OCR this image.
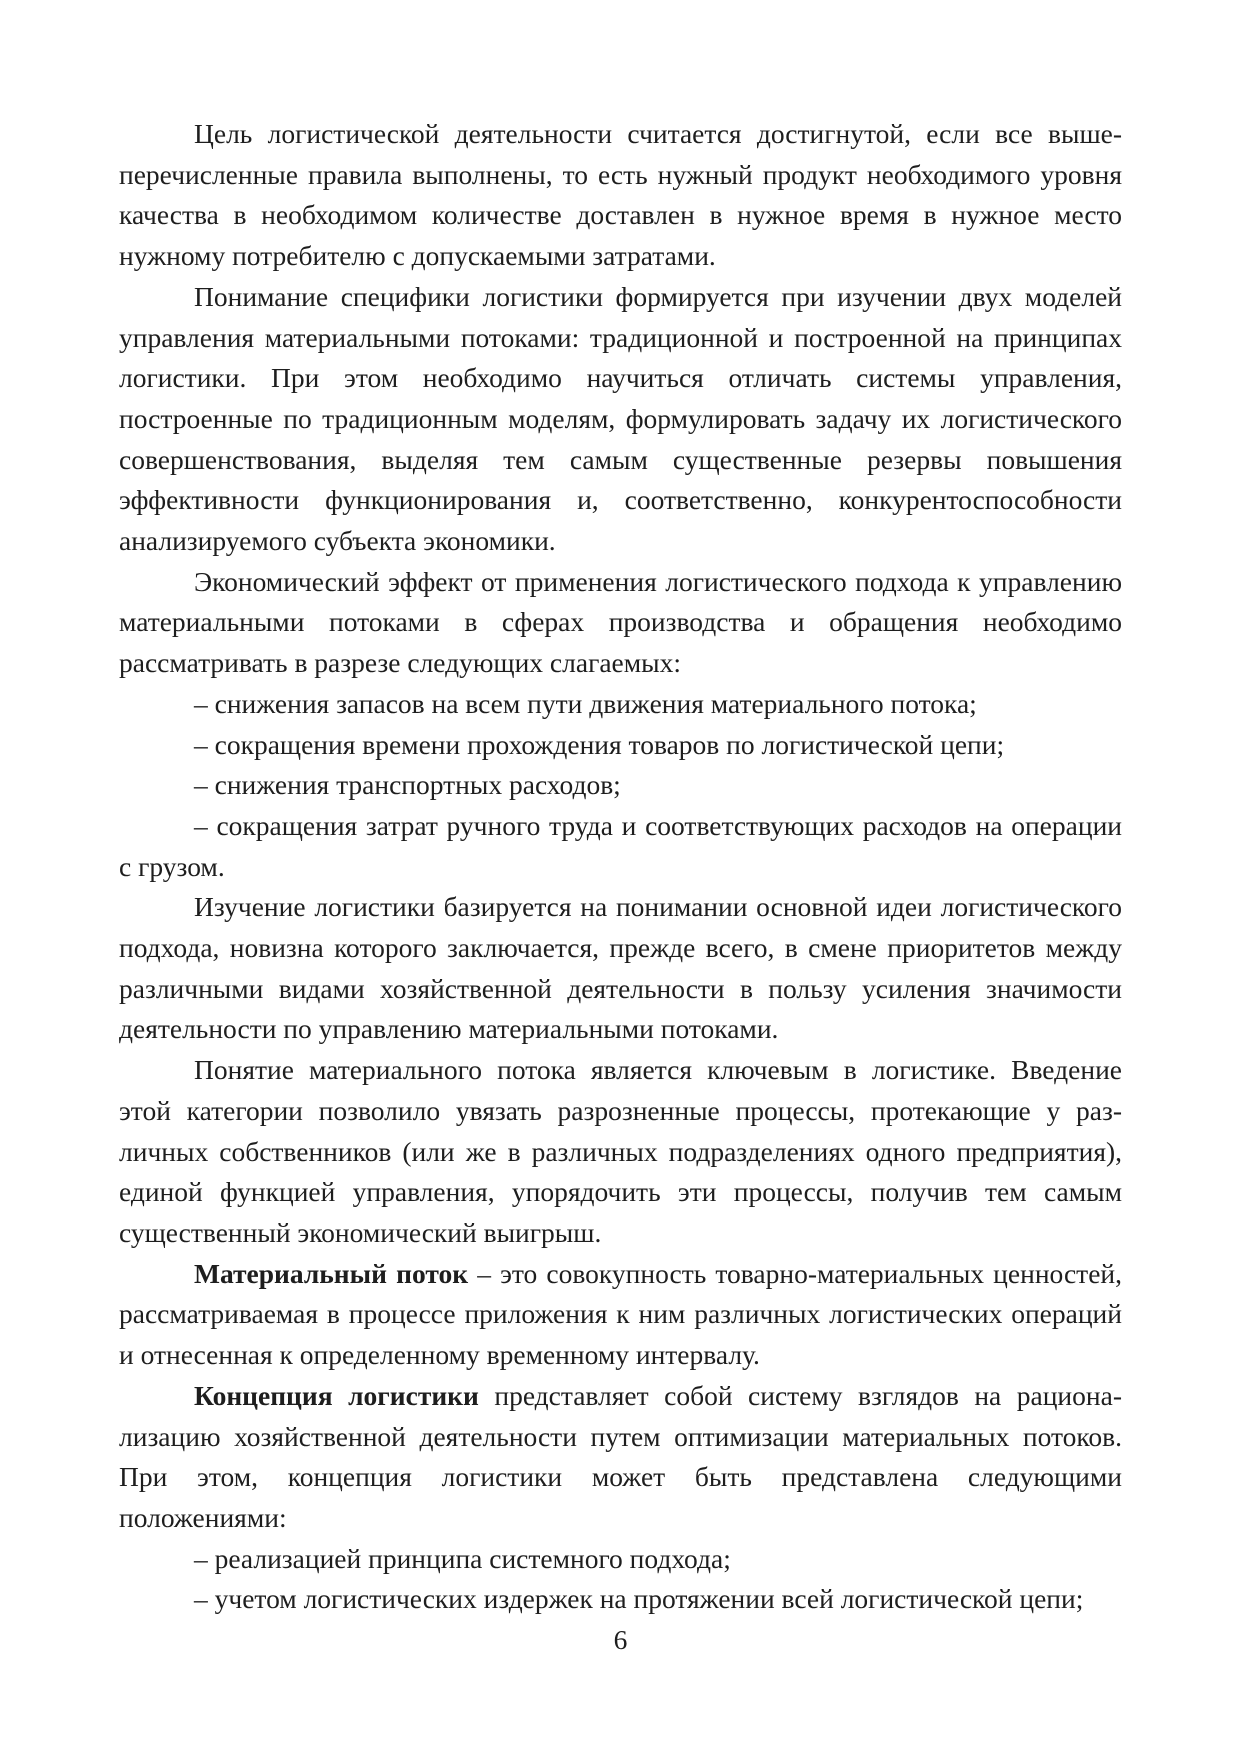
Цель логистической деятельности считается достигнутой, если все вышеперечисленные правила выполнены, то есть нужный продукт необходимого уровня качества в необходимом количестве доставлен в нужное время в нужное место нужному потребителю с допускаемыми затратами.

Понимание специфики логистики формируется при изучении двух моделей управления материальными потоками: традиционной и построенной на принципах логистики. При этом необходимо научиться отличать системы управления, построенные по традиционным моделям, формулировать задачу их логистического совершенствования, выделяя тем самым существенные резервы повышения эффективности функционирования и, соответственно, конкурентоспособности анализируемого субъекта экономики.

Экономический эффект от применения логистического подхода к управлению материальными потоками в сферах производства и обращения необходимо рассматривать в разрезе следующих слагаемых:

– снижения запасов на всем пути движения материального потока;

– сокращения времени прохождения товаров по логистической цепи;

– снижения транспортных расходов;

– сокращения затрат ручного труда и соответствующих расходов на операции с грузом.

Изучение логистики базируется на понимании основной идеи логистического подхода, новизна которого заключается, прежде всего, в смене приоритетов между различными видами хозяйственной деятельности в пользу усиления значимости деятельности по управлению материальными потоками.

Понятие материального потока является ключевым в логистике. Введение этой категории позволило увязать разрозненные процессы, протекающие у различных собственников (или же в различных подразделениях одного предприятия), единой функцией управления, упорядочить эти процессы, получив тем самым существенный экономический выигрыш.

Материальный поток – это совокупность товарно-материальных ценностей, рассматриваемая в процессе приложения к ним различных логистических операций и отнесенная к определенному временному интервалу.

Концепция логистики представляет собой систему взглядов на рационализацию хозяйственной деятельности путем оптимизации материальных потоков. При этом, концепция логистики может быть представлена следующими положениями:

– реализацией принципа системного подхода;

– учетом логистических издержек на протяжении всей логистической цепи;

6
